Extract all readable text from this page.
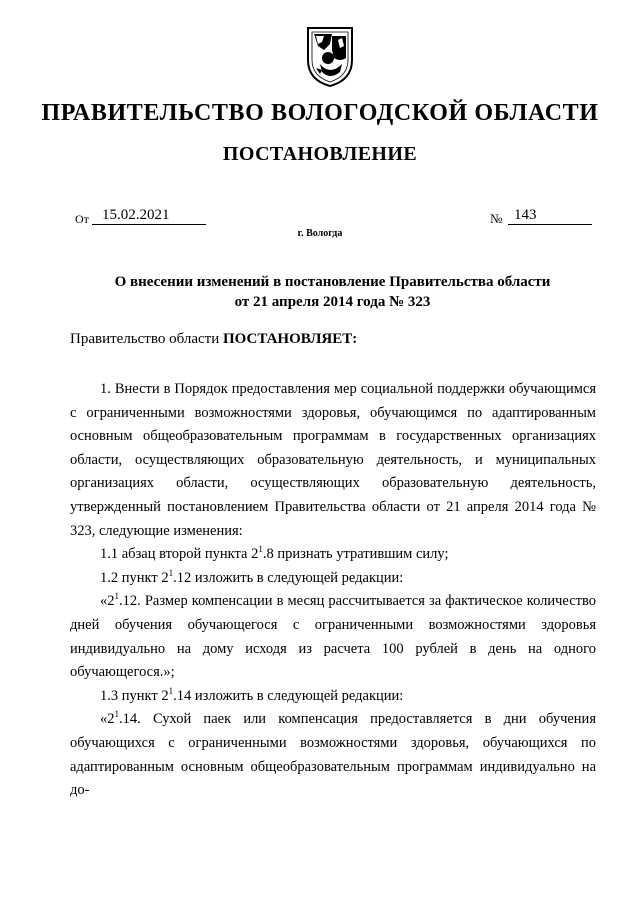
ПРАВИТЕЛЬСТВО ВОЛОГОДСКОЙ ОБЛАСТИ
ПОСТАНОВЛЕНИЕ
От 15.02.2021	№ 143
г. Вологда
О внесении изменений в постановление Правительства области
от 21 апреля 2014 года № 323
Правительство области ПОСТАНОВЛЯЕТ:

1. Внести в Порядок предоставления мер социальной поддержки обучающимся с ограниченными возможностями здоровья, обучающимся по адаптированным основным общеобразовательным программам в государственных организациях области, осуществляющих образовательную деятельность, и муниципальных организациях области, осуществляющих образовательную деятельность, утвержденный постановлением Правительства области от 21 апреля 2014 года № 323, следующие изменения:

1.1 абзац второй пункта $2^1.8$ признать утратившим силу;

1.2 пункт $2^1.12$ изложить в следующей редакции:

«$2^1.12$. Размер компенсации в месяц рассчитывается за фактическое количество дней обучения обучающегося с ограниченными возможностями здоровья индивидуально на дому исходя из расчета 100 рублей в день на одного обучающегося.»;

1.3 пункт $2^1.14$ изложить в следующей редакции:

«$2^1.14$. Сухой паек или компенсация предоставляется в дни обучения обучающихся с ограниченными возможностями здоровья, обучающихся по адаптированным основным общеобразовательным программам индивидуально на до-
